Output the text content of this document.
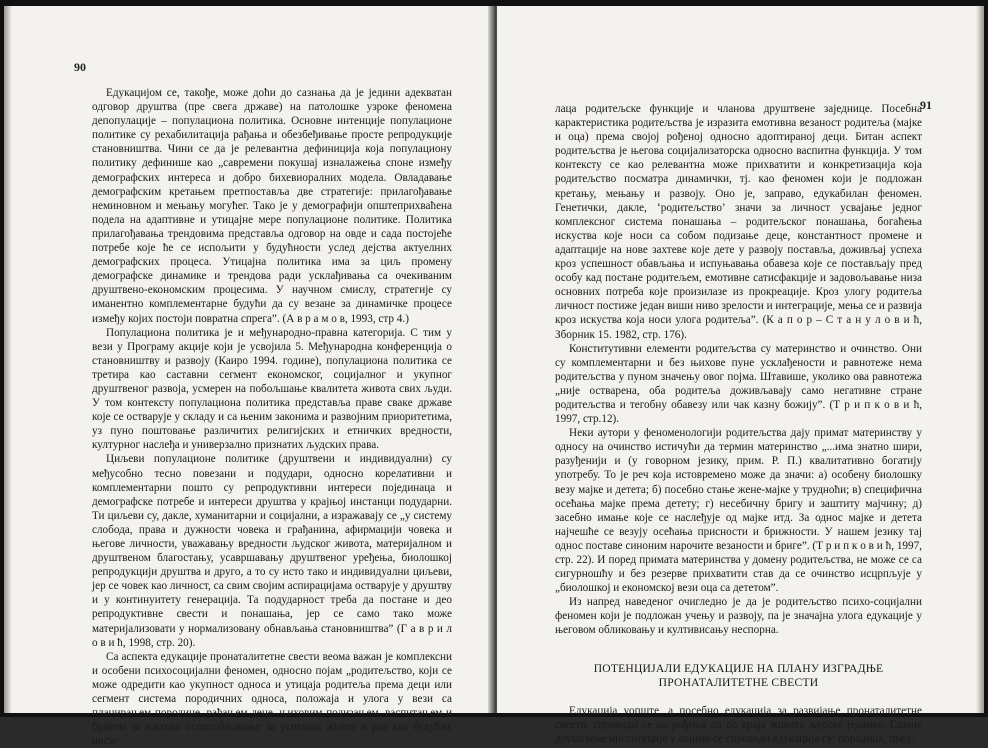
90

Едукацијом се, такође, може доћи до сазнања да је једини адекватан одговор друштва (пре свега државе) на патолошке узроке феномена депопулације – популациона политика. Основне интенције популационе политике су рехабилитација рађања и обезбеђивање просте репродукције становништва. Чини се да је релевантна дефиниција која популациону политику дефинише као „савремени покушај изналажења споне између демографских интереса и добро бихевиоралних модела. Овладавање демографским кретањем претпоставља две стратегије: прилагођавање неминовном и мењању могућег. Тако је у демографији општеприхваћена подела на адаптивне и утицајне мере популационе политике. Политика прилагођавања трендовима представља одговор на овде и сада постојеће потребе које ће се испољити у будућности услед дејства актуелних демографских процеса. Утицајна политика има за циљ промену демографске динамике и трендова ради усклађивања са очекиваним друштвено-економским процесима. У научном смислу, стратегије су иманентно комплементарне будући да су везане за динамичке процесе између којих постоји повратна спрега”. (А в р а м о в, 1993, стр 4.)

Популациона политика је и међународно-правна категорија. С тим у вези у Програму акције који је усвојила 5. Међународна конференција о становништву и развоју (Каиро 1994. године), популациона политика се третира као саставни сегмент економског, социјалног и укупног друштвеног развоја, усмерен на побољшање квалитета живота свих људи. У том контексту популациона политика представља праве свакe државе које се остварује у складу и са њеним законима и развојним приоритетима, уз пуно поштовање различитих религијских и етничких вредности, културног наслеђа и универзално признатих људских права.

Циљеви популационе политике (друштвени и индивидуални) су међусобно тесно повезани и подудари, односно корелативни и комплементарни пошто су репродуктивни интереси појединаца и демографске потребе и интереси друштва у крајњој инстанци подударни. Ти циљеви су, дакле, хуманитарни и социјални, а изражавају се „у систему слобода, права и дужности човека и грађанина, афирмацији човека и његове личности, уважавању вредности људског живота, материјалном и друштвеном благостању, усавршавању друштвеног уређења, биолошкој репродукцији друштва и друго, а то су исто тако и индивидуални циљеви, јер се човек као личност, са свим својим аспирацијама остварује у друштву и у континуитету генерација. Та подударност треба да постане и део репродуктивне свести и понашања, јер се само тако може материјализовати у нормализовану обнављања становништва” (Г а в р и л о в и ћ, 1998, стр. 20).

Са аспекта едукације пронаталитетне свести веома важан је комплексни и особени психосоцијални феномен, односно појам „родитељство, који се може одредити као укупност односа и утицаја родитеља према деци или сегмент система породичних односа, положаја и улога у вези са планирањем породице, рађањем деце, њиховим подизањем, васпитањем и бригом за њихово оспособљавање за успешан живот и рад као будућих носи-

91

лаца родитељске функције и чланова друштвене заједнице. Посебна карактеристика родитељства је изразита емотивна везаност родитеља (мајке и оца) према својој рођеној односно адоптираној деци. Битан аспект родитељства је његова социјализаторска односно васпитна функција. У том контексту се као релевантна може прихватити и конкретизација која родитељство посматра динамички, тј. као феномен који је подложан кретању, мењању и развоју. Оно је, заправо, едукабилан феномен. Генетички, дакле, ‘родитељство’ значи за личност усвајање једног комплексног система понашања – родитељског понашања, богаћења искуства које носи са собом подизање деце, константност промене и адаптације на нове захтеве које дете у развоју поставља, доживљај успеха кроз успешност обављања и испуњавања обавеза које се постављају пред особу кад постане родитељем, емотивне сатисфакције и задовољавање низа основних потреба које произилазе из прокреације. Кроз улогу родитеља личност постиже један виши ниво зрелости и интеграције, мења се и развија кроз искуства која носи улога родитеља”. (К а п о р – С т а н у л о в и ћ, Зборник 15. 1982, стр. 176).

Конститутивни елементи родитељства су материнство и очинство. Они су комплементарни и без њихове пуне усклађености и равнотеже нема родитељства у пуном значењу овог појма. Штавише, уколико ова равнотежа „није остварена, оба родитеља доживљавају само негативне стране родитељства и тегобну обавезу или чак казну божију”. (Т р и п к о в и ћ, 1997, стр.12).

Неки аутори у феноменологији родитељства дају примат материнству у односу на очинство истичући да термин материнство „...има знатно шири, разуђенији и (у говорном језику, прим. Р. П.) квалитативно богатију употребу. То је реч која истовремено може да значи: а) особену биолошку везу мајке и детета; б) посебно стање жене-мајке у трудноћи; в) специфична осећања мајке према детету; г) несебичну бригу и заштиту мајчину; д) засебно имање које се наслеђује од мајке итд. За однос мајке и детета најчешће се везују осећања присности и брижности. У нашем језику тај однос поставе синоним нарочите везаности и бриге”. (Т р и п к о в и ћ, 1997, стр. 22). И поред примата материнства у домену родитељства, не може се са сигурношћу и без резерве прихватити став да се очинство исцрпљује у „биолошкој и економској вези оца са дететом”.

Из напред наведеног очигледно је да је родитељство психо-социјални феномен који је подложан учењу и развоју, па је значајна улога едукације у његовом обликовању и култивисању неспорна.

ПОТЕНЦИЈАЛИ ЕДУКАЦИЈЕ НА ПЛАНУ ИЗГРАДЊЕ
ПРОНАТАЛИТЕТНЕ СВЕСТИ

Едукација уопште, а посебно едукација за развијање пронаталитетне свести, спроводи се од рођења па до краја живота људске јединке. Главне друштвене институције у којима се спроводи едукација су: породица, пред-
